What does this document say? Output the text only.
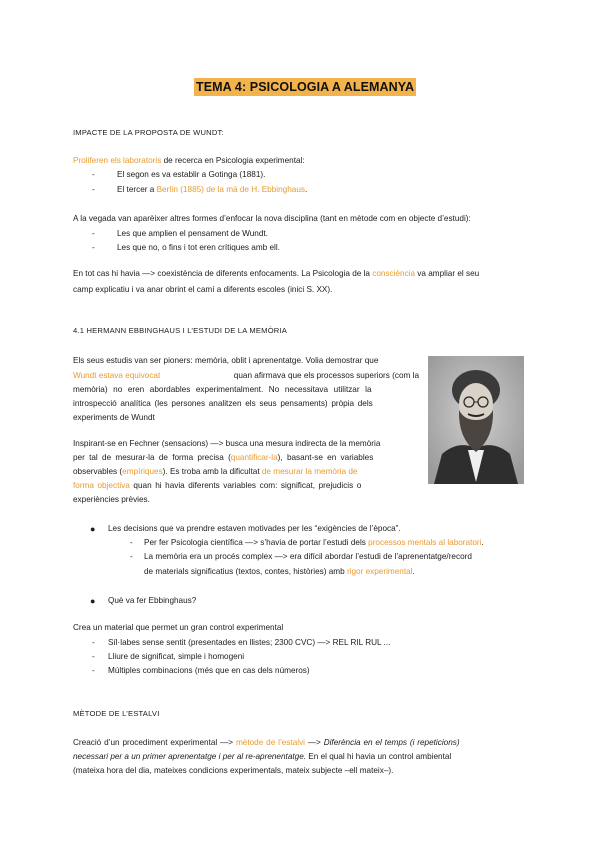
TEMA 4: PSICOLOGIA A ALEMANYA
IMPACTE DE LA PROPOSTA DE WUNDT:
Proliferen els laboratoris de recerca en Psicologia experimental:
-	El segon es va establir a Gotinga (1881).
-	El tercer a Berlín (1885) de la mà de H. Ebbinghaus.
A la vegada van aparèixer altres formes d’enfocar la nova disciplina (tant en mètode com en objecte d’estudi):
-	Les que amplien el pensament de Wundt.
-	Les que no, o fins i tot eren crítiques amb ell.
En tot cas hi havia —> coexistència de diferents enfocaments. La Psicologia de la consciència va ampliar el seu
camp explicatiu i va anar obrint el camí a diferents escoles (inici S. XX).
4.1 HERMANN EBBINGHAUS I L’ESTUDI DE LA MEMÒRIA
Els seus estudis van ser pioners: memòria, oblit i aprenentatge. Volia demostrar que
Wundt estava equivocat	quan afirmava que els processos superiors (com la
memòria) no eren abordables experimentalment. No necessitava utilitzar la
introspecció analítica (les persones analitzen els seus pensaments) pròpia dels
experiments de Wundt
Inspirant-se en Fechner (sensacions) —> busca una mesura indirecta de la memòria
per tal de mesurar-la de forma precisa (quantificar-la), basant-se en variables
observables (empíriques). Es troba amb la dificultat de mesurar la memòria de
forma objectiva quan hi havia diferents variables com: significat, prejudicis o
experiències prèvies.
● Les decisions que va prendre estaven motivades per les “exigències de l’època”.
- Per fer Psicologia científica —> s’havia de portar l’estudi dels processos mentals al laboratori.
- La memòria era un procés complex —> era difícil abordar l’estudi de l’aprenentatge/record
de materials significatius (textos, contes, històries) amb rigor experimental.
● Què va fer Ebbinghaus?
Crea un material que permet un gran control experimental
- Síl·labes sense sentit (presentades en llistes; 2300 CVC) —> REL RIL RUL ...
- Lliure de significat, simple i homogeni
- Múltiples combinacions (més que en cas dels números)
MÈTODE DE L’ESTALVI
Creació d’un procediment experimental —> mètode de l’estalvi —> Diferència en el temps (i repeticions)
necessari per a un primer aprenentatge i per al re-aprenentatge. En el qual hi havia un control ambiental
(mateixa hora del dia, mateixes condicions experimentals, mateix subjecte –ell mateix–).
